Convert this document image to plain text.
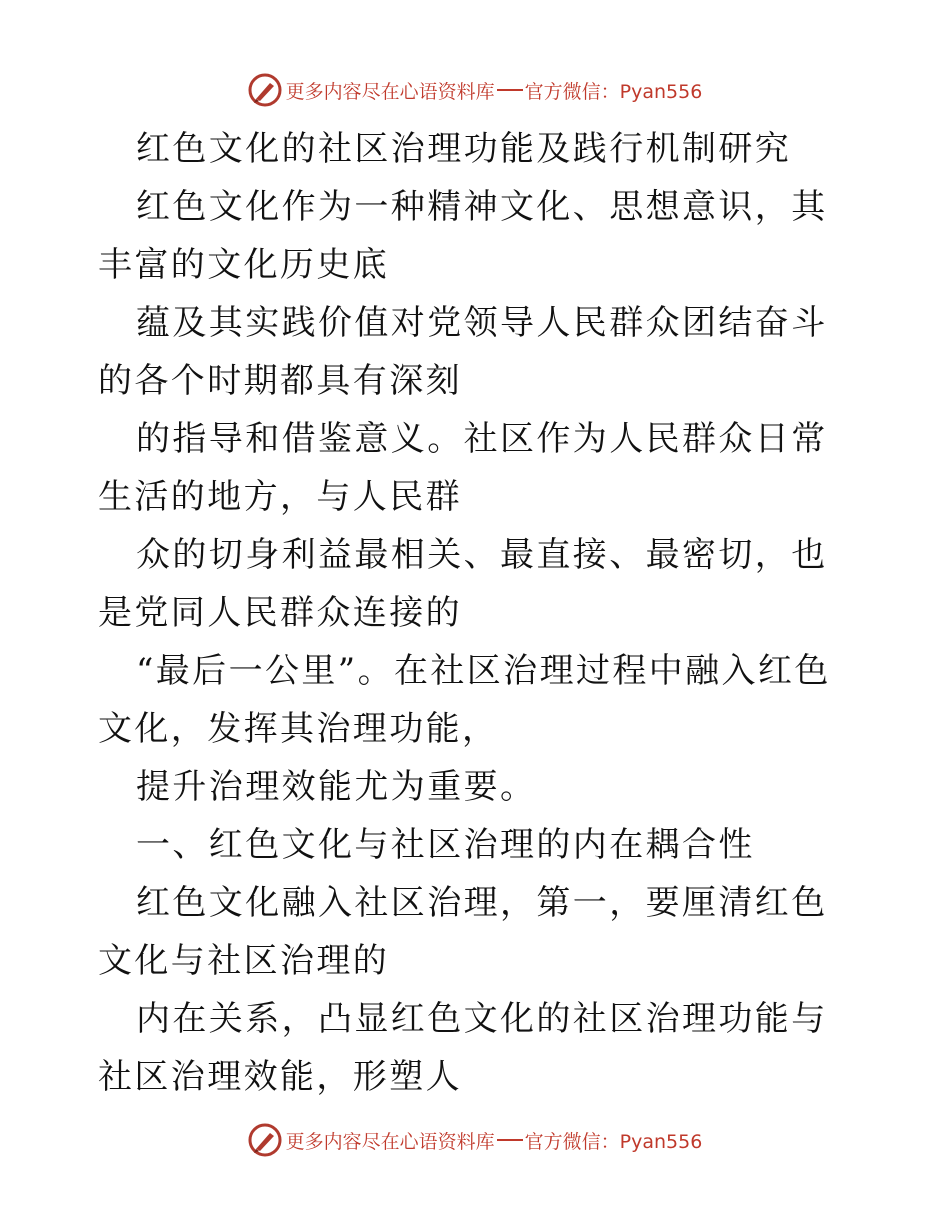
更多内容尽在心语资料库 官方微信：Pyan556

红色文化的社区治理功能及践行机制研究

红色文化作为一种精神文化、思想意识，其丰富的文化历史底

蕴及其实践价值对党领导人民群众团结奋斗的各个时期都具有深刻

的指导和借鉴意义。社区作为人民群众日常生活的地方，与人民群

众的切身利益最相关、最直接、最密切，也是党同人民群众连接的

“最后一公里”。在社区治理过程中融入红色文化，发挥其治理功能，

提升治理效能尤为重要。

一、红色文化与社区治理的内在耦合性

红色文化融入社区治理，第一，要厘清红色文化与社区治理的

内在关系，凸显红色文化的社区治理功能与社区治理效能，形塑人

更多内容尽在心语资料库 官方微信：Pyan556
